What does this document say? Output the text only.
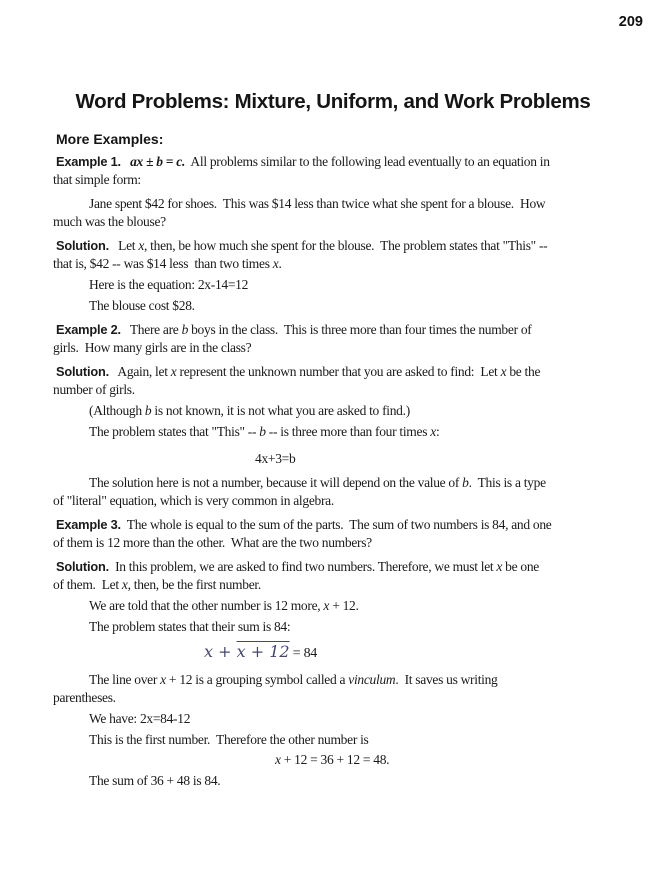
209
Word Problems: Mixture, Uniform, and Work Problems
More Examples:

Example 1. ax ± b = c.  All problems similar to the following lead eventually to an equation in
that simple form:

Jane spent $42 for shoes.  This was $14 less than twice what she spent for a blouse.  How
much was the blouse?

Solution.   Let x, then, be how much she spent for the blouse.  The problem states that "This" --
that is, $42 -- was $14 less  than two times x.

Here is the equation: 2x-14=12

The blouse cost $28.

Example 2.   There are b boys in the class.  This is three more than four times the number of
girls.  How many girls are in the class?

Solution.   Again, let x represent the unknown number that you are asked to find:  Let x be the
number of girls.

(Although b is not known, it is not what you are asked to find.)

The problem states that "This" -- b -- is three more than four times x:

4x+3=b

The solution here is not a number, because it will depend on the value of b.  This is a type
of "literal" equation, which is very common in algebra.

Example 3.  The whole is equal to the sum of the parts.  The sum of two numbers is 84, and one
of them is 12 more than the other.  What are the two numbers?

Solution.  In this problem, we are asked to find two numbers. Therefore, we must let x be one
of them.  Let x, then, be the first number.

We are told that the other number is 12 more, x + 12.

The problem states that their sum is 84:

x + x + 12 = 84

The line over x + 12 is a grouping symbol called a vinculum.  It saves us writing
parentheses.

We have: 2x=84-12

This is the first number.  Therefore the other number is

x + 12 = 36 + 12 = 48.

The sum of 36 + 48 is 84.
